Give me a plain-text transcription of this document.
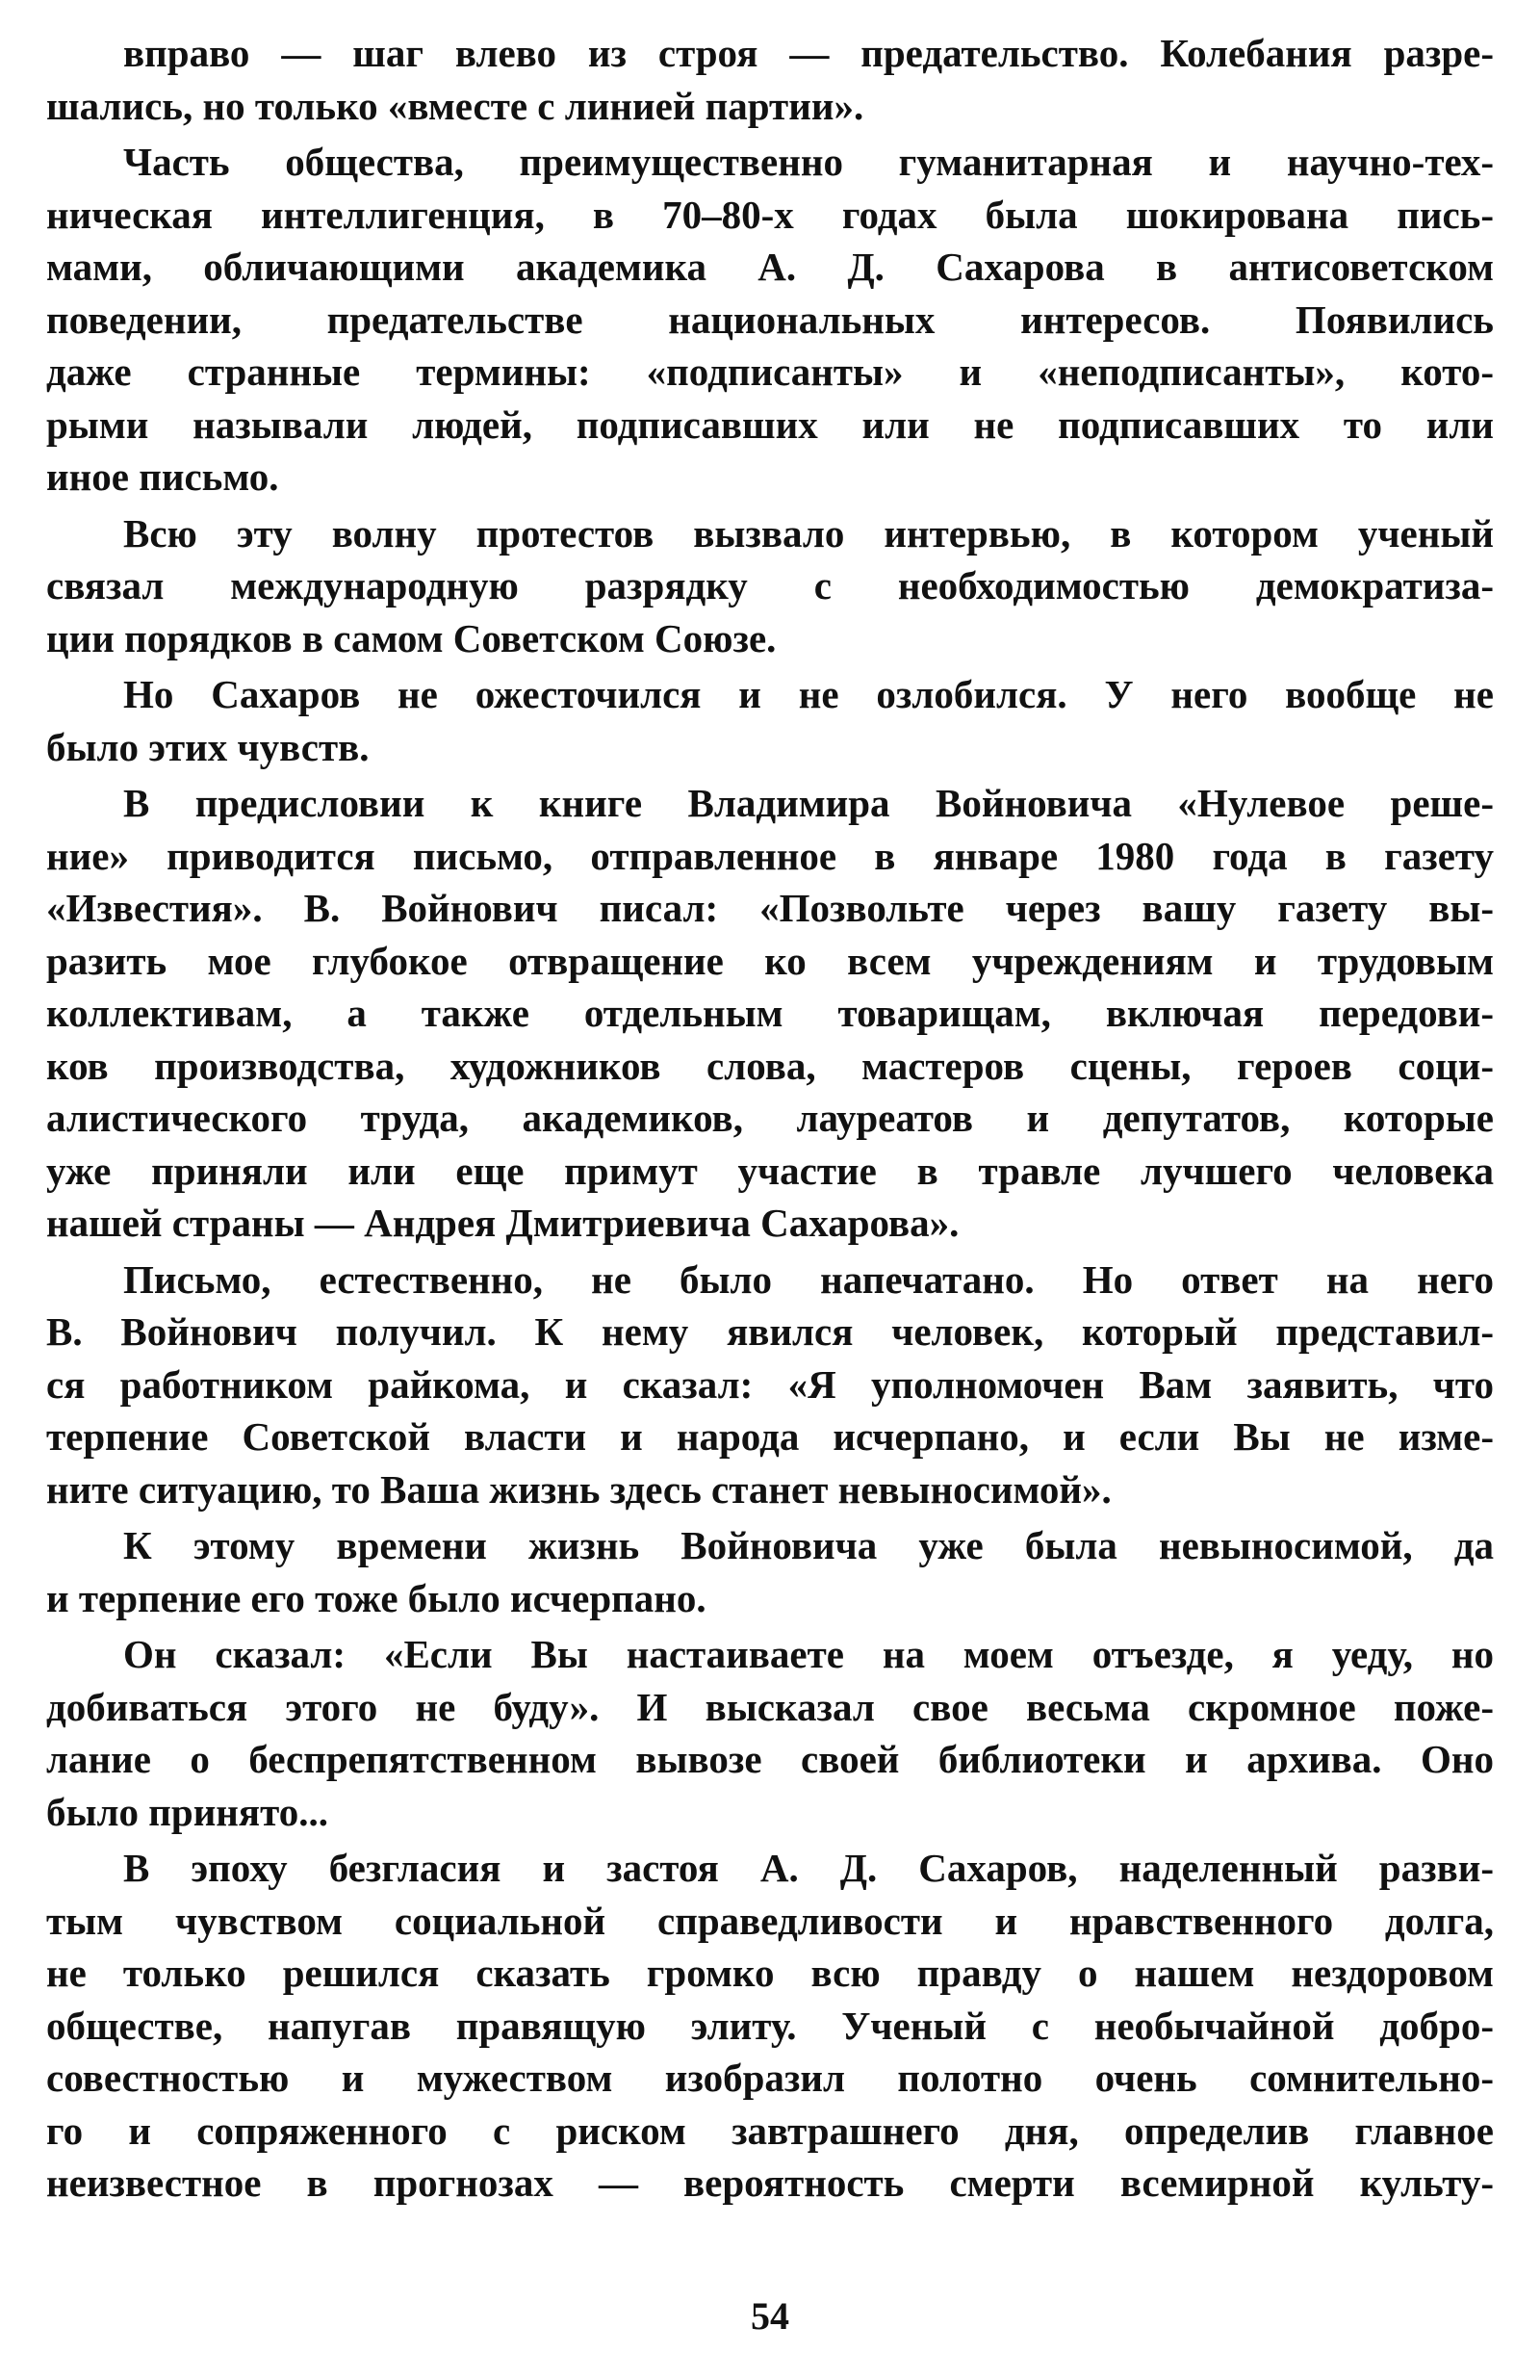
вправо — шаг влево из строя — предательство. Колебания разре-
шались, но только «вместе с линией партии».
Часть общества, преимущественно гуманитарная и научно-тех-
ническая интеллигенция, в 70–80-х годах была шокирована пись-
мами, обличающими академика А. Д. Сахарова в антисоветском
поведении, предательстве национальных интересов. Появились
даже странные термины: «подписанты» и «неподписанты», кото-
рыми называли людей, подписавших или не подписавших то или
иное письмо.
Всю эту волну протестов вызвало интервью, в котором ученый
связал международную разрядку с необходимостью демократиза-
ции порядков в самом Советском Союзе.
Но Сахаров не ожесточился и не озлобился. У него вообще не
было этих чувств.
В предисловии к книге Владимира Войновича «Нулевое реше-
ние» приводится письмо, отправленное в январе 1980 года в газету
«Известия». В. Войнович писал: «Позвольте через вашу газету вы-
разить мое глубокое отвращение ко всем учреждениям и трудовым
коллективам, а также отдельным товарищам, включая передови-
ков производства, художников слова, мастеров сцены, героев соци-
алистического труда, академиков, лауреатов и депутатов, которые
уже приняли или еще примут участие в травле лучшего человека
нашей страны — Андрея Дмитриевича Сахарова».
Письмо, естественно, не было напечатано. Но ответ на него
В. Войнович получил. К нему явился человек, который представил-
ся работником райкома, и сказал: «Я уполномочен Вам заявить, что
терпение Советской власти и народа исчерпано, и если Вы не изме-
ните ситуацию, то Ваша жизнь здесь станет невыносимой».
К этому времени жизнь Войновича уже была невыносимой, да
и терпение его тоже было исчерпано.
Он сказал: «Если Вы настаиваете на моем отъезде, я уеду, но
добиваться этого не буду». И высказал свое весьма скромное поже-
лание о беспрепятственном вывозе своей библиотеки и архива. Оно
было принято...
В эпоху безгласия и застоя А. Д. Сахаров, наделенный разви-
тым чувством социальной справедливости и нравственного долга,
не только решился сказать громко всю правду о нашем нездоровом
обществе, напугав правящую элиту. Ученый с необычайной добро-
совестностью и мужеством изобразил полотно очень сомнительно-
го и сопряженного с риском завтрашнего дня, определив главное
неизвестное в прогнозах — вероятность смерти всемирной культу-
54
